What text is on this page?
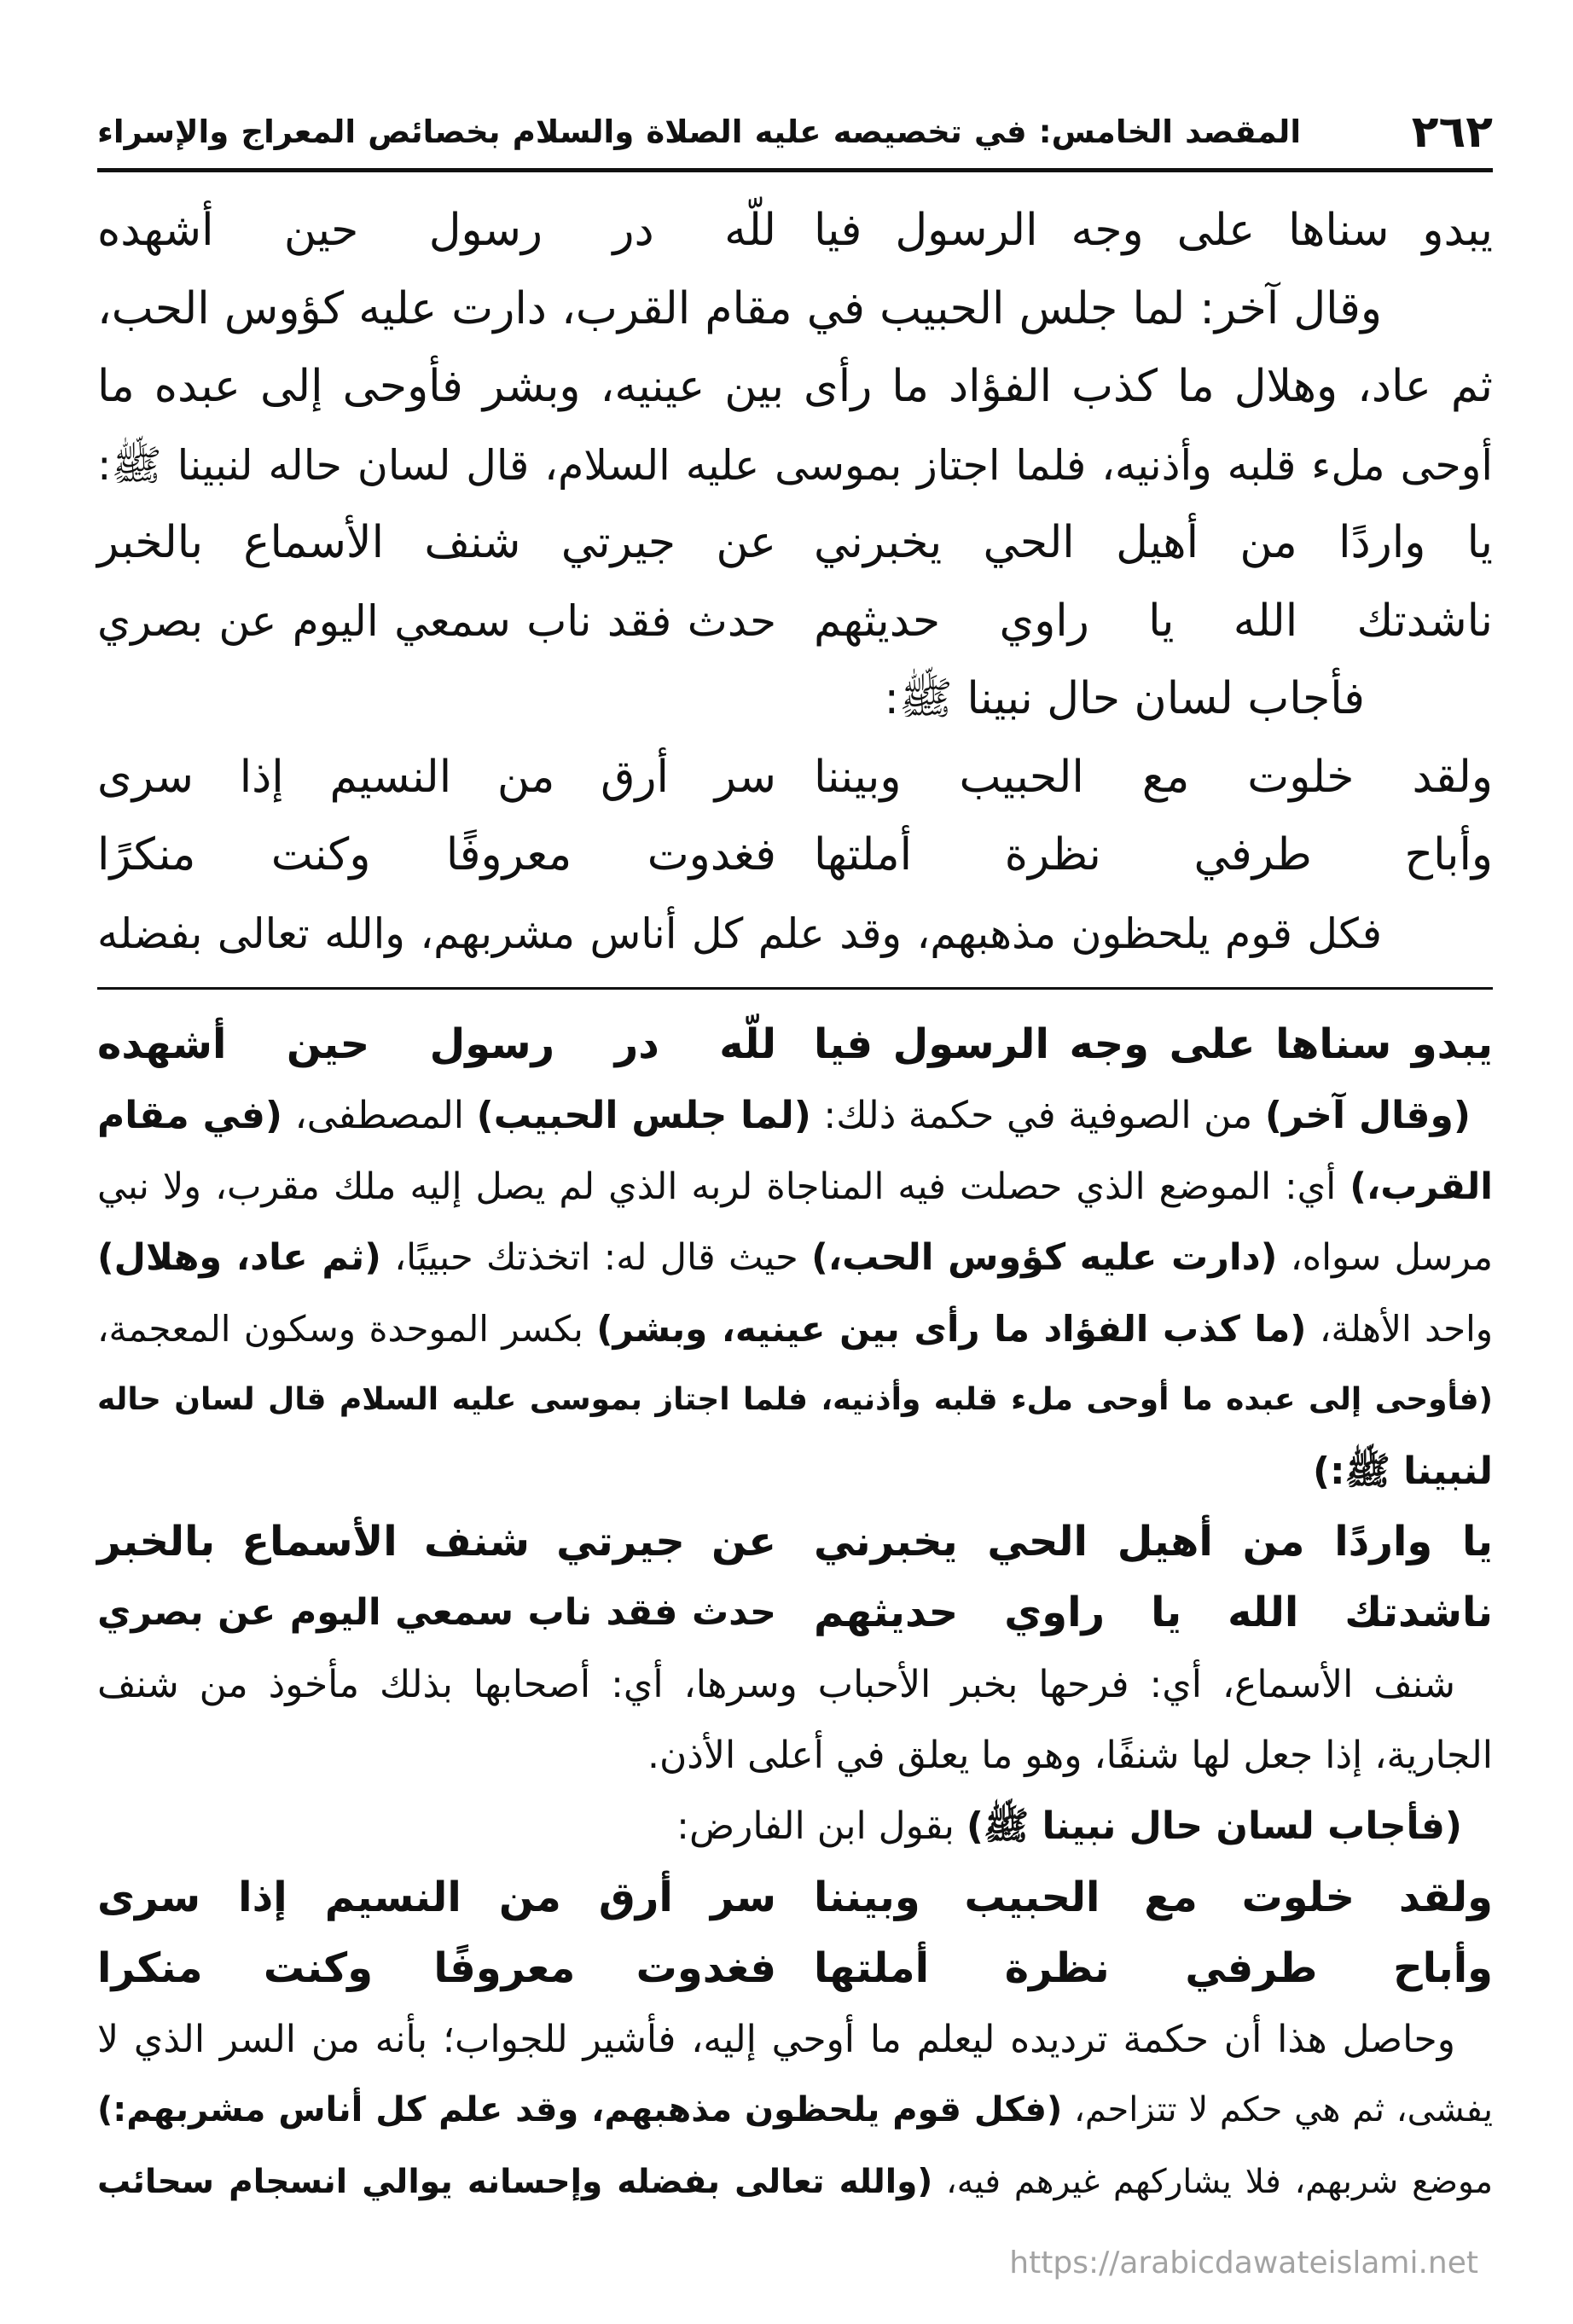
٢٦٢
المقصد الخامس: في تخصيصه عليه الصلاة والسلام بخصائص المعراج والإسراء
يبدو سناها على وجه الرسول فيا
للّه در رسول حين أشهده
وقال آخر: لما جلس الحبيب في مقام القرب، دارت عليه كؤوس الحب،
ثم عاد، وهلال ما كذب الفؤاد ما رأى بين عينيه، وبشر فأوحى إلى عبده ما
أوحى ملء قلبه وأذنيه، فلما اجتاز بموسى عليه السلام، قال لسان حاله لنبينا ﷺ:
يا واردًا من أهيل الحي يخبرني
عن جيرتي شنف الأسماع بالخبر
ناشدتك الله يا راوي حديثهم
حدث فقد ناب سمعي اليوم عن بصري
فأجاب لسان حال نبينا ﷺ:
ولقد خلوت مع الحبيب وبيننا
سر أرق من النسيم إذا سرى
وأباح طرفي نظرة أملتها
فغدوت معروفًا وكنت منكرًا
فكل قوم يلحظون مذهبهم، وقد علم كل أناس مشربهم، والله تعالى بفضله
يبدو سناها على وجه الرسول فيا
للّه در رسول حين أشهده
(وقال آخر) من الصوفية في حكمة ذلك: (لما جلس الحبيب) المصطفى، (في مقام
القرب،) أي: الموضع الذي حصلت فيه المناجاة لربه الذي لم يصل إليه ملك مقرب، ولا نبي
مرسل سواه، (دارت عليه كؤوس الحب،) حيث قال له: اتخذتك حبيبًا، (ثم عاد، وهلال)
واحد الأهلة، (ما كذب الفؤاد ما رأى بين عينيه، وبشر) بكسر الموحدة وسكون المعجمة،
(فأوحى إلى عبده ما أوحى ملء قلبه وأذنيه، فلما اجتاز بموسى عليه السلام قال لسان حاله
لنبينا ﷺ:)
يا واردًا من أهيل الحي يخبرني
عن جيرتي شنف الأسماع بالخبر
ناشدتك الله يا راوي حديثهم
حدث فقد ناب سمعي اليوم عن بصري
شنف الأسماع، أي: فرحها بخبر الأحباب وسرها، أي: أصحابها بذلك مأخوذ من شنف
الجارية، إذا جعل لها شنفًا، وهو ما يعلق في أعلى الأذن.
(فأجاب لسان حال نبينا ﷺ) بقول ابن الفارض:
ولقد خلوت مع الحبيب وبيننا
سر أرق من النسيم إذا سرى
وأباح طرفي نظرة أملتها
فغدوت معروفًا وكنت منكرا
وحاصل هذا أن حكمة ترديده ليعلم ما أوحي إليه، فأشير للجواب؛ بأنه من السر الذي لا
يفشى، ثم هي حكم لا تتزاحم، (فكل قوم يلحظون مذهبهم، وقد علم كل أناس مشربهم:)
موضع شربهم، فلا يشاركهم غيرهم فيه، (والله تعالى بفضله وإحسانه يوالي انسجام سحائب
https://arabicdawateislami.net
